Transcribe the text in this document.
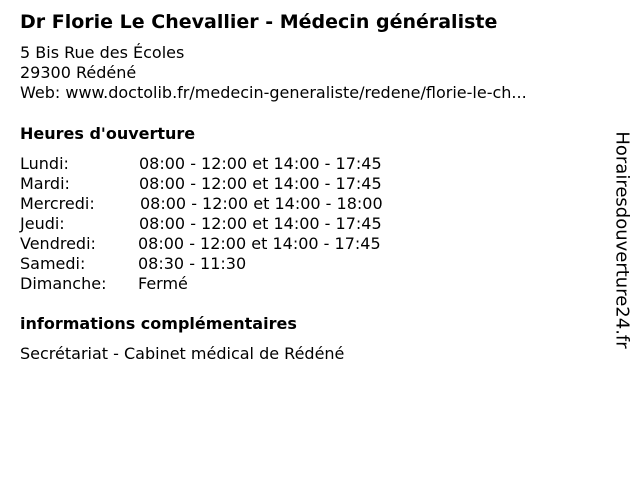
Dr Florie Le Chevallier - Médecin généraliste
5 Bis Rue des Écoles
29300 Rédéné
Web: www.doctolib.fr/medecin-generaliste/redene/florie-le-ch...
Heures d'ouverture
Lundi:	08:00 - 12:00 et 14:00 - 17:45
Mardi:	08:00 - 12:00 et 14:00 - 17:45
Mercredi:	08:00 - 12:00 et 14:00 - 18:00
Jeudi:	08:00 - 12:00 et 14:00 - 17:45
Vendredi:	08:00 - 12:00 et 14:00 - 17:45
Samedi:	08:30 - 11:30
Dimanche: Fermé
informations complémentaires
Secrétariat - Cabinet médical de Rédéné
Horairesdouverture24.fr
